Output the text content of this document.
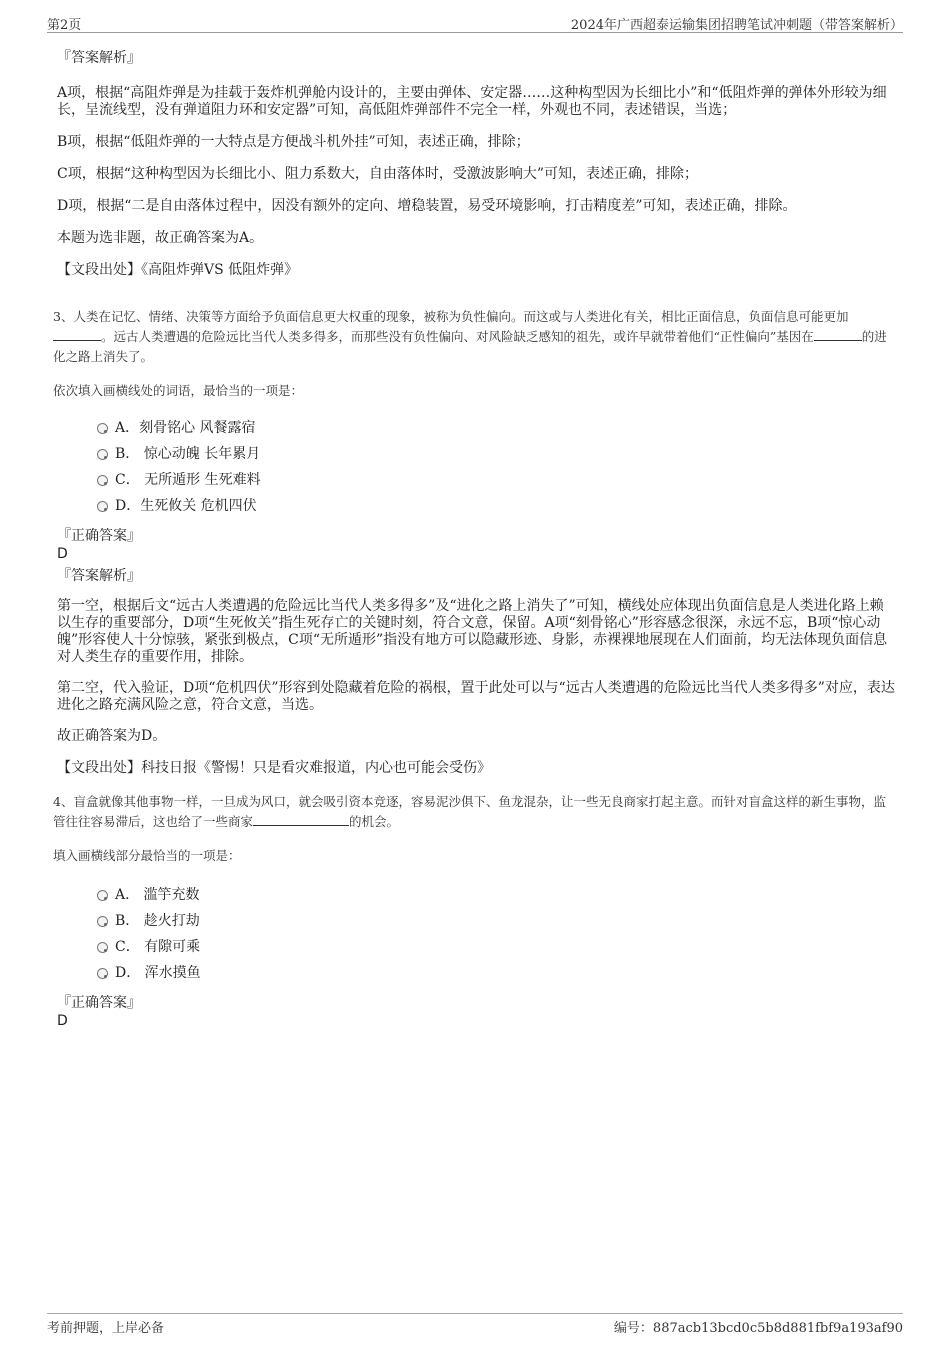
第2页	2024年广西超泰运输集团招聘笔试冲刺题（带答案解析）

『答案解析』

A项，根据“高阻炸弹是为挂载于轰炸机弹舱内设计的，主要由弹体、安定器……这种构型因为长细比小”和“低阻炸弹的弹体外形较为细长，呈流线型，没有弹道阻力环和安定器”可知，高低阻炸弹部件不完全一样，外观也不同，表述错误，当选；

B项，根据“低阻炸弹的一大特点是方便战斗机外挂”可知，表述正确，排除；

C项，根据“这种构型因为长细比小、阻力系数大，自由落体时，受激波影响大”可知，表述正确，排除；

D项，根据“二是自由落体过程中，因没有额外的定向、增稳装置，易受环境影响，打击精度差”可知，表述正确，排除。

本题为选非题，故正确答案为A。

【文段出处】《高阻炸弹VS 低阻炸弹》

3、人类在记忆、情绪、决策等方面给予负面信息更大权重的现象，被称为负性偏向。而这或与人类进化有关，相比正面信息，负面信息可能更加。远古人类遭遇的危险远比当代人类多得多，而那些没有负性偏向、对风险缺乏感知的祖先，或许早就带着他们“正性偏向”基因在	的进化之路上消失了。

依次填入画横线处的词语，最恰当的一项是：

A．刻骨铭心 风餐露宿
B． 惊心动魄 长年累月
C． 无所遁形 生死难料
D．生死攸关 危机四伏

『正确答案』

D

『答案解析』

第一空，根据后文“远古人类遭遇的危险远比当代人类多得多”及“进化之路上消失了”可知，横线处应体现出负面信息是人类进化路上赖以生存的重要部分，D项“生死攸关”指生死存亡的关键时刻，符合文意，保留。A项“刻骨铭心”形容感念很深，永远不忘，B项“惊心动魄”形容使人十分惊骇，紧张到极点，C项“无所遁形”指没有地方可以隐藏形迹、身影，赤裸裸地展现在人们面前，均无法体现负面信息对人类生存的重要作用，排除。

第二空，代入验证，D项“危机四伏”形容到处隐藏着危险的祸根，置于此处可以与“远古人类遭遇的危险远比当代人类多得多”对应，表达进化之路充满风险之意，符合文意，当选。

故正确答案为D。

【文段出处】科技日报《警惕！只是看灾难报道，内心也可能会受伤》

4、盲盒就像其他事物一样，一旦成为风口，就会吸引资本竞逐，容易泥沙俱下、鱼龙混杂，让一些无良商家打起主意。而针对盲盒这样的新生事物，监管往往容易滞后，这也给了一些商家	的机会。

填入画横线部分最恰当的一项是：

A． 滥竽充数
B． 趁火打劫
C． 有隙可乘
D． 浑水摸鱼

『正确答案』

D

考前押题，上岸必备	编号：887acb13bcd0c5b8d881fbf9a193af90
